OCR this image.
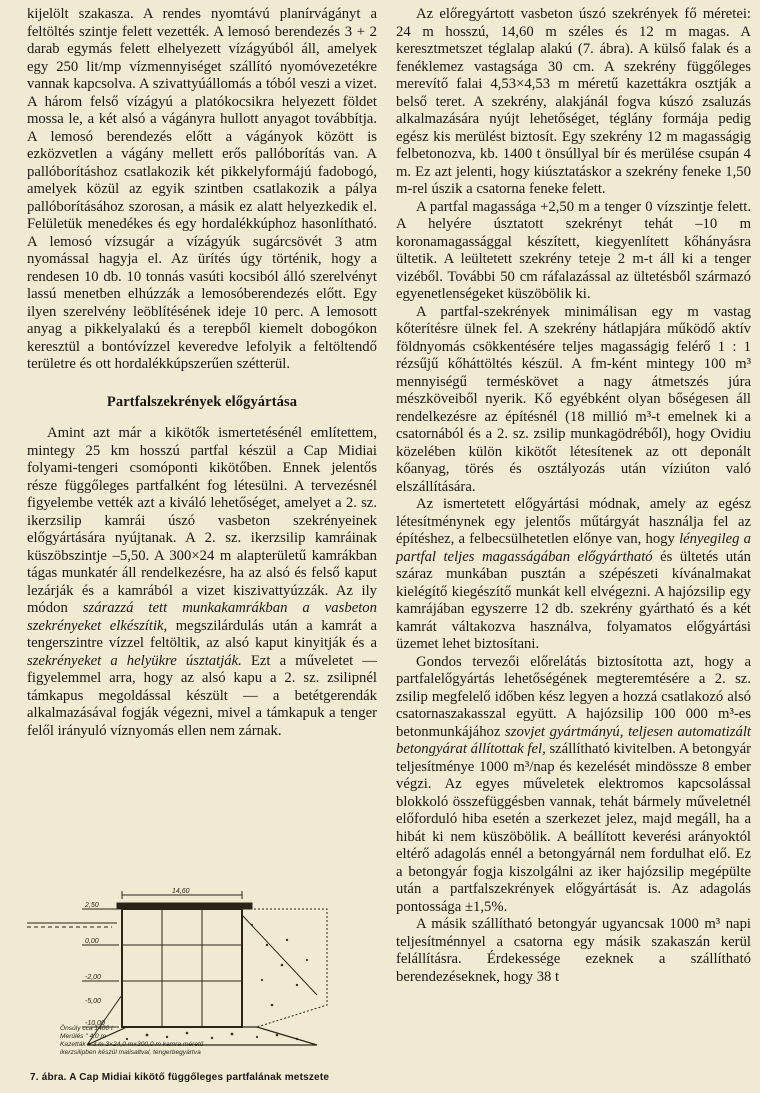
kijelölt szakasza. A rendes nyomtávú planírvágányt a feltöltés szintje felett vezették. A lemosó berendezés 3 + 2 darab egymás felett elhelyezett vízágyúból áll, amelyek egy 250 lit/mp vízmennyiséget szállító nyomóvezetékre vannak kapcsolva. A szivattyúállomás a tóból veszi a vizet. A három felső vízágyú a platókocsikra helyezett földet mossa le, a két alsó a vágányra hullott anyagot továbbítja. A lemosó berendezés előtt a vágányok között is ezközvetlen a vágány mellett erős pallóborítás van. A pallóborításhoz csatlakozik két pikkelyformájú fadobogó, amelyek közül az egyik szintben csatlakozik a pálya pallóborításához szorosan, a másik ez alatt helyezkedik el. Felületük menedékes és egy hordalékkúphoz hasonlítható. A lemosó vízsugár a vízágyúk sugárcsövét 3 atm nyomással hagyja el. Az ürítés úgy történik, hogy a rendesen 10 db. 10 tonnás vasúti kocsiból álló szerelvényt lassú menetben elhúzzák a lemosóberendezés előtt. Egy ilyen szerelvény leöblítésének ideje 10 perc. A lemosott anyag a pikkelyalakú és a terepből kiemelt dobogókon keresztül a bontóvízzel keveredve lefolyik a feltöltendő területre és ott hordalékkúpszerűen szétterül.

Partfalszekrények előgyártása

Amint azt már a kikötők ismertetésénél említettem, mintegy 25 km hosszú partfal készül a Cap Midiai folyami-tengeri csomóponti kikötőben. Ennek jelentős része függőleges partfalként fog létesülni. A tervezésnél figyelembe vették azt a kiváló lehetőséget, amelyet a 2. sz. ikerzsilip kamrái úszó vasbeton szekrényeinek előgyártására nyújtanak. A 2. sz. ikerzsilip kamráinak küszöbszintje –5,50. A 300×24 m alapterületű kamrákban tágas munkatér áll rendelkezésre, ha az alsó és felső kaput lezárják és a kamrából a vizet kiszivattyúzzák. Az ily módon szárazzá tett munkakamrákban a vasbeton szekrényeket elkészítik, megszilárdulás után a kamrát a tengerszintre vízzel feltöltik, az alsó kaput kinyitják és a szekrényeket a helyükre úsztatják. Ezt a műveletet — figyelemmel arra, hogy az alsó kapu a 2. sz. zsilipnél támkapus megoldással készült — a betétgerendák alkalmazásával fogják végezni, mivel a támkapuk a tenger felől irányuló víznyomás ellen nem zárnak.

14,60
2,50
0,00
-2,00
-5,00
-10,00
Önsúly cca 1400 t
Merülés " 4,0 m
Kazetták ♦ 3 m 3×24,0 m×300,0 m kamra méretű
ikerzsilipben készül malisaltval, tengerbegyártva
7. ábra. A Cap Midiai kikötő függőleges partfalának metszete

Az előregyártott vasbeton úszó szekrények fő méretei: 24 m hosszú, 14,60 m széles és 12 m magas. A keresztmetszet téglalap alakú (7. ábra). A külső falak és a fenéklemez vastagsága 30 cm. A szekrény függőleges merevítő falai 4,53×4,53 m méretű kazettákra osztják a belső teret. A szekrény, alakjánál fogva kúszó zsaluzás alkalmazására nyújt lehetőséget, téglány formája pedig egész kis merülést biztosít. Egy szekrény 12 m magasságig felbetonozva, kb. 1400 t önsúllyal bír és merülése csupán 4 m. Ez azt jelenti, hogy kiúsztatáskor a szekrény feneke 1,50 m-rel úszik a csatorna feneke felett.

A partfal magassága +2,50 m a tenger 0 vízszintje felett. A helyére úsztatott szekrényt tehát –10 m koronamagassággal készített, kiegyenlített kőhányásra ültetik. A leültetett szekrény teteje 2 m-t áll ki a tenger vizéből. További 50 cm ráfalazással az ültetésből származó egyenetlenségeket küszöbölik ki.

A partfal-szekrények minimálisan egy m vastag kőterítésre ülnek fel. A szekrény hátlapjára működő aktív földnyomás csökkentésére teljes magasságig felérő 1 : 1 rézsűjű kőháttöltés készül. A fm-ként mintegy 100 m³ mennyiségű terméskövet a nagy átmetszés júra mészköveiből nyerik. Kő egyébként olyan bőségesen áll rendelkezésre az építésnél (18 millió m³-t emelnek ki a csatornából és a 2. sz. zsilip munkagödréből), hogy Ovidiu közelében külön kikötőt létesítenek az ott deponált kőanyag, törés és osztályozás után víziúton való elszállítására.

Az ismertetett előgyártási módnak, amely az egész létesítménynek egy jelentős műtárgyát használja fel az építéshez, a felbecsülhetetlen előnye van, hogy lényegileg a partfal teljes magasságában előgyártható és ültetés után száraz munkában pusztán a szépészeti kívánalmakat kielégítő kiegészítő munkát kell elvégezni. A hajózsilip egy kamrájában egyszerre 12 db. szekrény gyártható és a két kamrát váltakozva használva, folyamatos előgyártási üzemet lehet biztosítani.

Gondos tervezői előrelátás biztosította azt, hogy a partfalelőgyártás lehetőségének megteremtésére a 2. sz. zsilip megfelelő időben kész legyen a hozzá csatlakozó alsó csatornaszakasszal együtt. A hajózsilip 100 000 m³-es betonmunkájához szovjet gyártmányú, teljesen automatizált betongyárat állítottak fel, szállítható kivitelben. A betongyár teljesítménye 1000 m³/nap és kezelését mindössze 8 ember végzi. Az egyes műveletek elektromos kapcsolással blokkoló összefüggésben vannak, tehát bármely műveletnél előforduló hiba esetén a szerkezet jelez, majd megáll, ha a hibát ki nem küszöbölik. A beállított keverési arányoktól eltérő adagolás ennél a betongyárnál nem fordulhat elő. Ez a betongyár fogja kiszolgálni az iker hajózsilip megépülte után a partfalszekrények előgyártását is. Az adagolás pontossága ±1,5%.

A másik szállítható betongyár ugyancsak 1000 m³ napi teljesítménnyel a csatorna egy másik szakaszán kerül felállításra. Érdekessége ezeknek a szállítható berendezéseknek, hogy 38 t
